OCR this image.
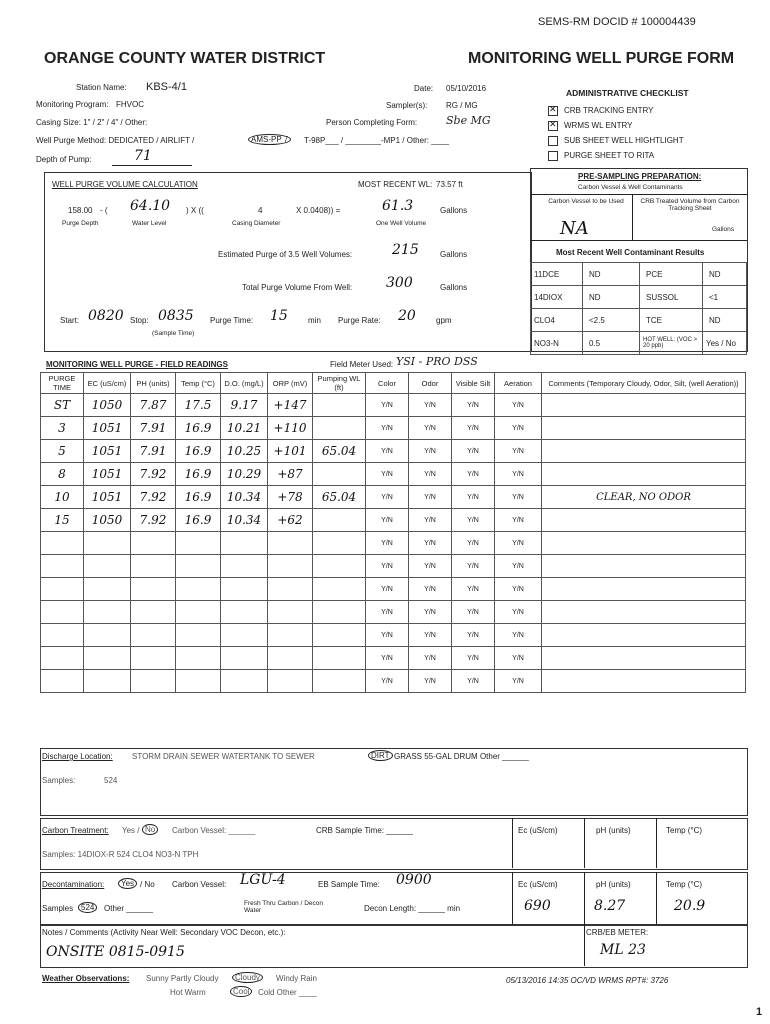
SEMS-RM DOCID # 100004439
ORANGE COUNTY WATER DISTRICT	MONITORING WELL PURGE FORM
Station Name: KBS-4/1
Monitoring Program: FHVOC
Casing Size: 1" / 2" / 4" / Other:
Well Purge Method: DEDICATED / AIRLIFT /	AMS-PP 7	T-98P___ / ________-MP1 / Other: ____
Depth of Pump:	71
Date: 05/10/2016
Sampler(s): RG / MG
Person Completing Form:	Sbe MG
ADMINISTRATIVE CHECKLIST
✕CRB TRACKING ENTRY
✕WRMS WL ENTRY
SUB SHEET WELL HIGHTLIGHT
PURGE SHEET TO RITA
WELL PURGE VOLUME CALCULATION	MOST RECENT WL: 73.57 ft
158.00 - ( 64.10 ) X ((	4	X 0.0408)) =	61.3	Gallons
Purge Depth	Water Level	Casing Diameter	One Well Volume
Estimated Purge of 3.5 Well Volumes:	215	Gallons
Total Purge Volume From Well: 300	Gallons
Start: 0820 Stop: 0835 Purge Time: 15	min Purge Rate: 20	gpm
(Sample Time)
PRE-SAMPLING PREPARATION:
Carbon Vessel & Well Contaminants
Carbon Vessel to be Used	CRB Treated Volume from Carbon Tracking Sheet
NA	Gallons
Most Recent Well Contaminant Results
11DCE	ND	PCE	ND
14DIOX	ND	SUSSOL	<1
CLO4	<2.5	TCE	ND
NO3-N	0.5	HOT WELL: (VOC > 20 ppb)	Yes / No
MONITORING WELL PURGE - FIELD READINGS	Field Meter Used: YSI - PRO DSS
PURGE TIME	EC (uS/cm)	PH (units)	Temp (°C)	D.O. (mg/L)	ORP (mV)	Pumping WL (ft)	Color	Odor	Visible Silt	Aeration	Comments (Temporary Cloudy, Odor, Silt, (well Aeration))
ST	1050	7.87	17.5	9.17	+147		Y/N	Y/N	Y/N	Y/N	
3	1051	7.91	16.9	10.21	+110		Y/N	Y/N	Y/N	Y/N	
5	1051	7.91	16.9	10.25	+101	65.04	Y/N	Y/N	Y/N	Y/N	
8	1051	7.92	16.9	10.29	+87		Y/N	Y/N	Y/N	Y/N	
10	1051	7.92	16.9	10.34	+78	65.04	Y/N	Y/N	Y/N	Y/N	CLEAR, NO ODOR
15	1050	7.92	16.9	10.34	+62		Y/N	Y/N	Y/N	Y/N	
							Y/N	Y/N	Y/N	Y/N	
							Y/N	Y/N	Y/N	Y/N	
							Y/N	Y/N	Y/N	Y/N	
							Y/N	Y/N	Y/N	Y/N	
							Y/N	Y/N	Y/N	Y/N	
							Y/N	Y/N	Y/N	Y/N	
							Y/N	Y/N	Y/N	Y/N	
Discharge Location: STORM DRAIN SEWER WATERTANK TO SEWER	DIRT GRASS 55-GAL DRUM Other ______
Samples:	524
Carbon Treatment: Yes / No	Carbon Vessel: ______	CRB Sample Time: ______	Ec (uS/cm)	pH (units)	Temp (°C)
Samples: 14DIOX-R 524 CLO4 NO3-N TPH
Decontamination:	Yes / No Carbon Vessel: LGU-4	EB Sample Time: 0900	Ec (uS/cm)	pH (units)	Temp (°C)
Samples 524	Other ______
Fresh Thru Carbon / Decon Water	Decon Length: ______ min	690	8.27	20.9
Notes / Comments (Activity Near Well: Secondary VOC Decon, etc.):
ONSITE 0815-0915
CRB/EB METER:
ML 23
Weather Observations: Sunny Partly Cloudy	Cloudy	Windy Rain
Hot Warm	Cool	Cold Other ____
05/13/2016 14:35 OC/VD WRMS RPT#: 3726
1
